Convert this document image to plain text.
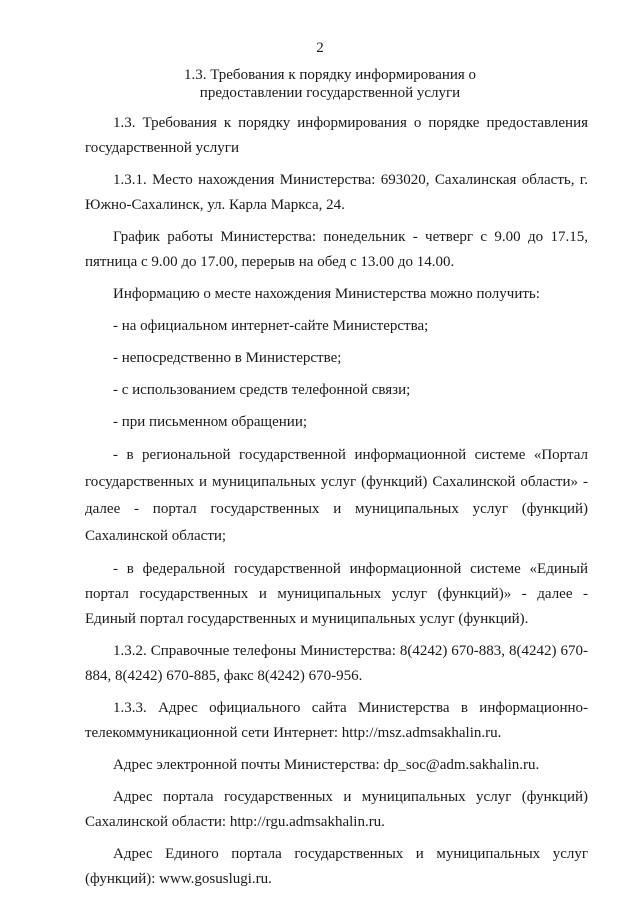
2
1.3. Требования к порядку информирования о
предоставлении государственной услуги

1.3. Требования к порядку информирования о порядке предоставления государственной услуги

1.3.1. Место нахождения Министерства: 693020, Сахалинская область, г. Южно-Сахалинск, ул. Карла Маркса, 24.

График работы Министерства: понедельник - четверг с 9.00 до 17.15, пятница с 9.00 до 17.00, перерыв на обед с 13.00 до 14.00.

Информацию о месте нахождения Министерства можно получить:

- на официальном интернет-сайте Министерства;

- непосредственно в Министерстве;

- с использованием средств телефонной связи;

- при письменном обращении;

- в региональной государственной информационной системе «Портал государственных и муниципальных услуг (функций) Сахалинской области» - далее - портал государственных и муниципальных услуг (функций) Сахалинской области;

- в федеральной государственной информационной системе «Единый портал государственных и муниципальных услуг (функций)» - далее - Единый портал государственных и муниципальных услуг (функций).

1.3.2. Справочные телефоны Министерства: 8(4242) 670-883, 8(4242) 670-884, 8(4242) 670-885, факс 8(4242) 670-956.

1.3.3. Адрес официального сайта Министерства в информационно-телекоммуникационной сети Интернет: http://msz.admsakhalin.ru.

Адрес электронной почты Министерства: dp_soc@adm.sakhalin.ru.

Адрес портала государственных и муниципальных услуг (функций) Сахалинской области: http://rgu.admsakhalin.ru.

Адрес Единого портала государственных и муниципальных услуг (функций): www.gosuslugi.ru.
